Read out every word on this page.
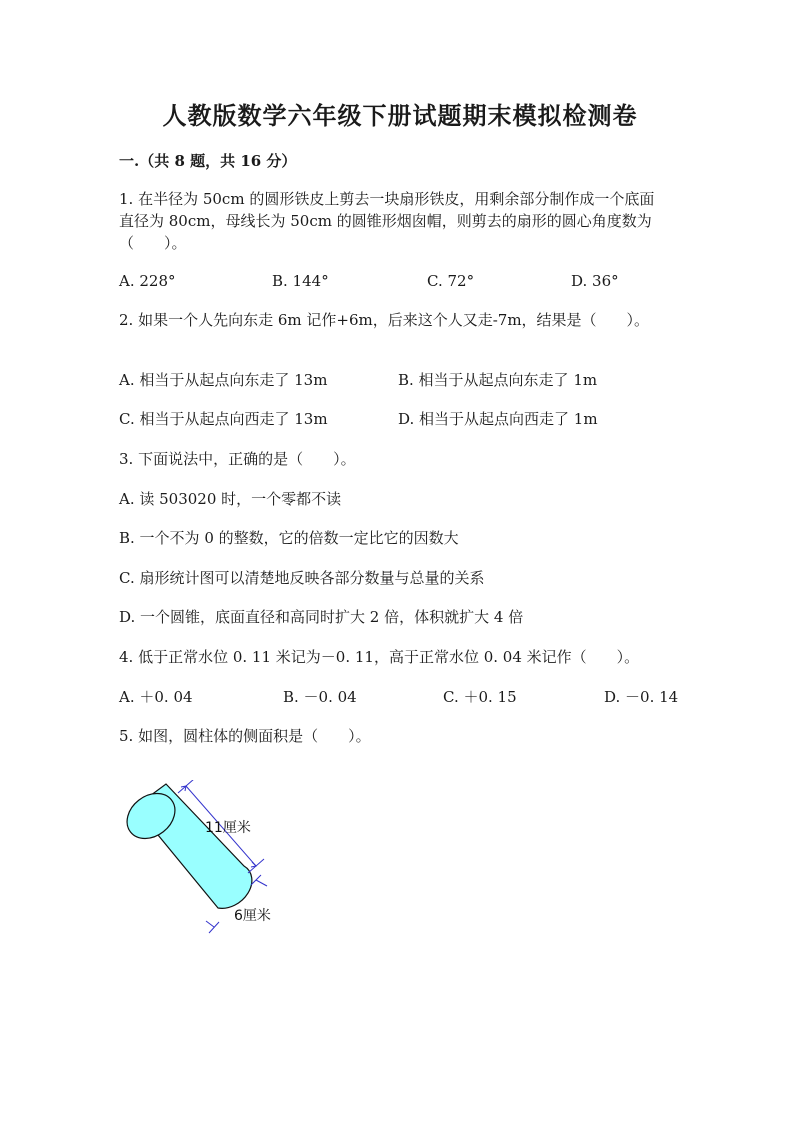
人教版数学六年级下册试题期末模拟检测卷
一.（共 8 题，共 16 分）
1. 在半径为 50cm 的圆形铁皮上剪去一块扇形铁皮，用剩余部分制作成一个底面
直径为 80cm，母线长为 50cm 的圆锥形烟囱帽，则剪去的扇形的圆心角度数为
（　　）。
A. 228°	B. 144°	C. 72°	D. 36°
2. 如果一个人先向东走 6m 记作+6m，后来这个人又走-7m，结果是（　　）。
A. 相当于从起点向东走了 13m	B. 相当于从起点向东走了 1m
C. 相当于从起点向西走了 13m	D. 相当于从起点向西走了 1m
3. 下面说法中，正确的是（　　）。
A. 读 503020 时，一个零都不读
B. 一个不为 0 的整数，它的倍数一定比它的因数大
C. 扇形统计图可以清楚地反映各部分数量与总量的关系
D. 一个圆锥，底面直径和高同时扩大 2 倍，体积就扩大 4 倍
4. 低于正常水位 0. 11 米记为－0. 11，高于正常水位 0. 04 米记作（　　）。
A. ＋0. 04	B. －0. 04	C. ＋0. 15	D. －0. 14
5. 如图，圆柱体的侧面积是（　　）。
11厘米
6厘米
